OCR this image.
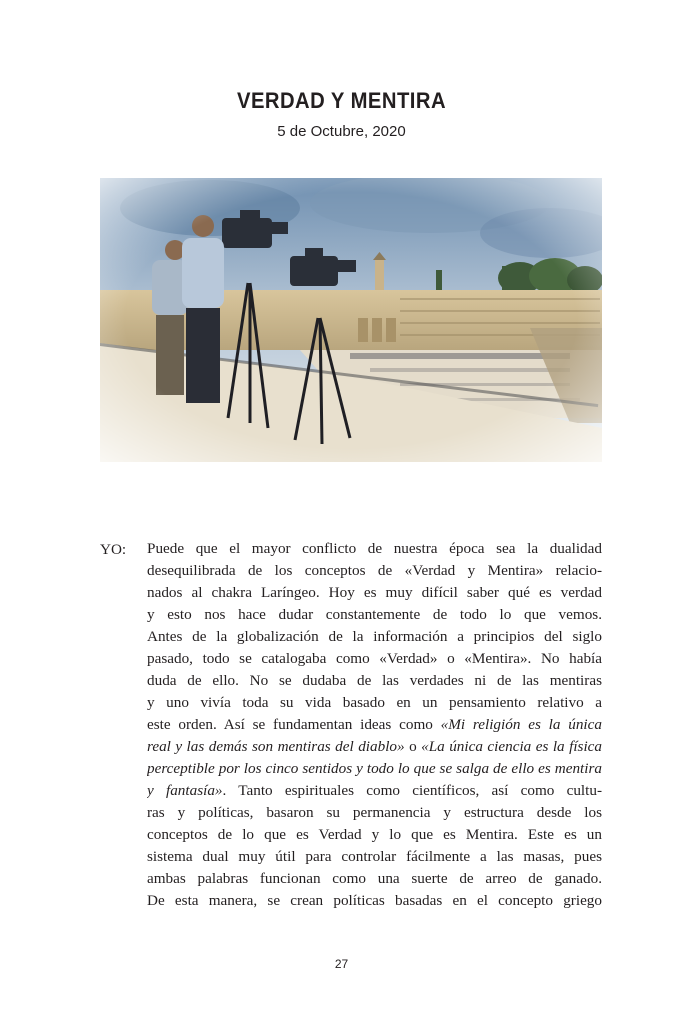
VERDAD Y MENTIRA
5 de Octubre, 2020
YO: Puede que el mayor conflicto de nuestra época sea la dualidad
desequilibrada de los conceptos de «Verdad y Mentira» relacio-
nados al chakra Laríngeo. Hoy es muy difícil saber qué es verdad
y esto nos hace dudar constantemente de todo lo que vemos.
Antes de la globalización de la información a principios del siglo
pasado, todo se catalogaba como «Verdad» o «Mentira». No había
duda de ello. No se dudaba de las verdades ni de las mentiras
y uno vivía toda su vida basado en un pensamiento relativo a
este orden. Así se fundamentan ideas como «Mi religión es la única
real y las demás son mentiras del diablo» o «La única ciencia es la física
perceptible por los cinco sentidos y todo lo que se salga de ello es mentira
y fantasía». Tanto espirituales como científicos, así como cultu-
ras y políticas, basaron su permanencia y estructura desde los
conceptos de lo que es Verdad y lo que es Mentira. Este es un
sistema dual muy útil para controlar fácilmente a las masas, pues
ambas palabras funcionan como una suerte de arreo de ganado.
De esta manera, se crean políticas basadas en el concepto griego
27
